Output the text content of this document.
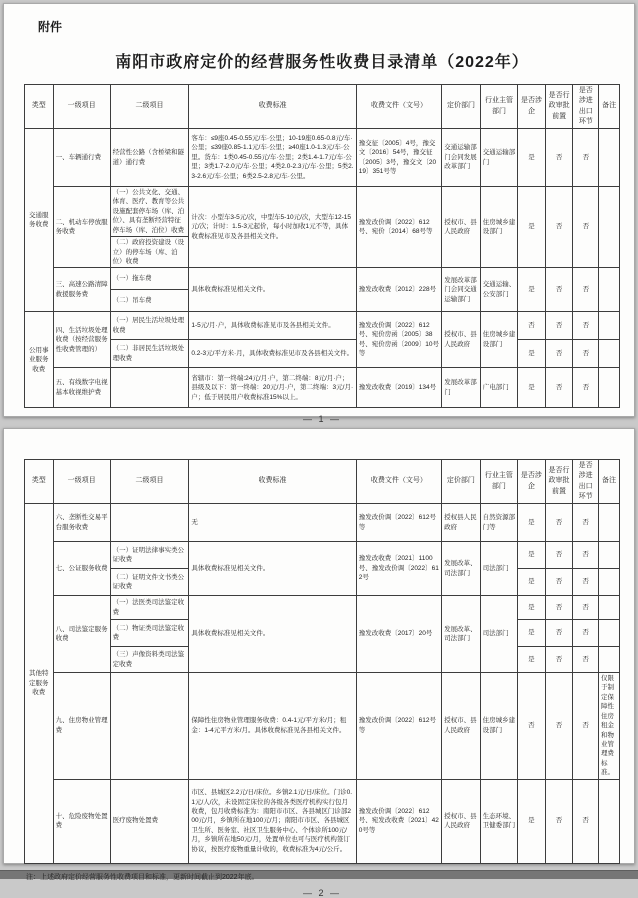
附件
南阳市政府定价的经营服务性收费目录清单（2022年）
类型	一级项目	二级项目	收费标准	收费文件（文号）	定价部门	行业主管部门	是否涉企	是否行政审批前置	是否涉进出口环节	备注
交通服务收费	一、车辆通行费	经营性公路（含桥梁和隧道）通行费	客车：≤9座0.45-0.55元/车·公里；10-19座0.65-0.8元/车·公里；≤39座0.85-1.1元/车·公里；≥40座1.0-1.3元/车·公里。货车：1类0.45-0.55元/车·公里；2类1.4-1.7元/车·公里；3类1.7-2.0元/车·公里；4类2.0-2.3元/车·公里；5类2.3-2.6元/车·公里；6类2.5-2.8元/车·公里。	豫交征〔2005〕4号，豫交文〔2016〕54号，豫交征〔2005〕3号，豫交文〔2019〕351号等	交通运输部门会同发展改革部门	交通运输部门	是	否	否	
	二、机动车停放服务收费	（一）公共文化、交通、体育、医疗、教育等公共设施配套停车场（库、泊位）、具有垄断经营特征停车场（库、泊位）收费	计次：小型车3-5元/次，中型车5-10元/次，大型车12-15元/次；计时：1.5-3元起价，每小时加收1元不等，具体收费标准见市及各县相关文件。	豫发改价调〔2022〕612号、宛价〔2014〕68号等	授权市、县人民政府	住房城乡建设部门	是	否	否	
		（二）政府投资建设（设立）的停车场（库、泊位）收费								
	三、高速公路清障救援服务费	（一）拖车费	具体收费标准见相关文件。	豫发改收费〔2012〕228号	发展改革部门会同交通运输部门	交通运输、公安部门	是	否	否	
		（二）吊车费								
公用事业服务收费	四、生活垃圾处理收费（按经营服务性收费管理的）	（一）居民生活垃圾处理收费	1-5元/月·户，具体收费标准见市及各县相关文件。	豫发改价调〔2022〕612号、宛价房函〔2005〕38号、宛价房函〔2009〕10号等	授权市、县人民政府	住房城乡建设部门	否	否	否	
		（二）非居民生活垃圾处理收费	0.2-3元/平方米·月，具体收费标准见市及各县相关文件。				是	否	否	
	五、有线数字电视基本收视维护费		省辖市：第一终端:24元/月·户，第二终端：8元/月·户；县级及以下：第一终端：20元/月·户，第二终端：3元/月·户；低于居民用户收费标准15%以上。	豫发改收费〔2019〕134号	发展改革部门	广电部门	是	否	否	
— 1 —
类型	一级项目	二级项目	收费标准	收费文件（文号）	定价部门	行业主管部门	是否涉企	是否行政审批前置	是否涉进出口环节	备注
其他特定服务收费	六、垄断性交易平台服务收费		无	豫发改价调〔2022〕612号等	授权县人民政府	自然资源部门等	是	否	否	
	七、公证服务收费	（一）证明法律事实类公证收费	具体收费标准见相关文件。	豫发改收费〔2021〕1100号、豫发改价调〔2022〕612号	发展改革、司法部门	司法部门	是	否	否	
		（二）证明文件文书类公证收费					是	否	否	
	八、司法鉴定服务收费	（一）法医类司法鉴定收费	具体收费标准见相关文件。	豫发改收费〔2017〕20号	发展改革、司法部门	司法部门	是	否	否	
		（二）物证类司法鉴定收费					是	否	否	
		（三）声像资料类司法鉴定收费					是	否	否	
	九、住房物业管理费		保障性住房物业管理服务收费：0.4-1元/平方米/月；租金：1-4元平方米/月。具体收费标准见各县相关文件。	豫发改价调〔2022〕612号等	授权市、县人民政府	住房城乡建设部门	否	否	否	仅限于制定保障性住房租金和物业管理费标准。
	十、危险废物处置费	医疗废物处置费	市区、县城区2.2元/日/床位。乡镇2.1元/日/床位。门诊0.1元/人/次，未设固定床位的各级各类医疗机构实行包月收费，包月收费标准为：南阳市市区、各县城区门诊部200元/月，乡镇所在地100元/月；南阳市市区、各县城区卫生所、医务室、社区卫生服务中心、个体诊所100元/月，乡镇所在地50元/月，处置单位也可与医疗机构签订协议，按医疗废物重量计收的，收费标准为4元/公斤。	豫发改价调〔2022〕612号、宛发改收费〔2021〕420号等	授权市、县人民政府	生态环境、卫健委部门	是	否	否	
注：上述政府定价经营服务性收费项目和标准，更新时间截止到2022年底。
— 2 —
